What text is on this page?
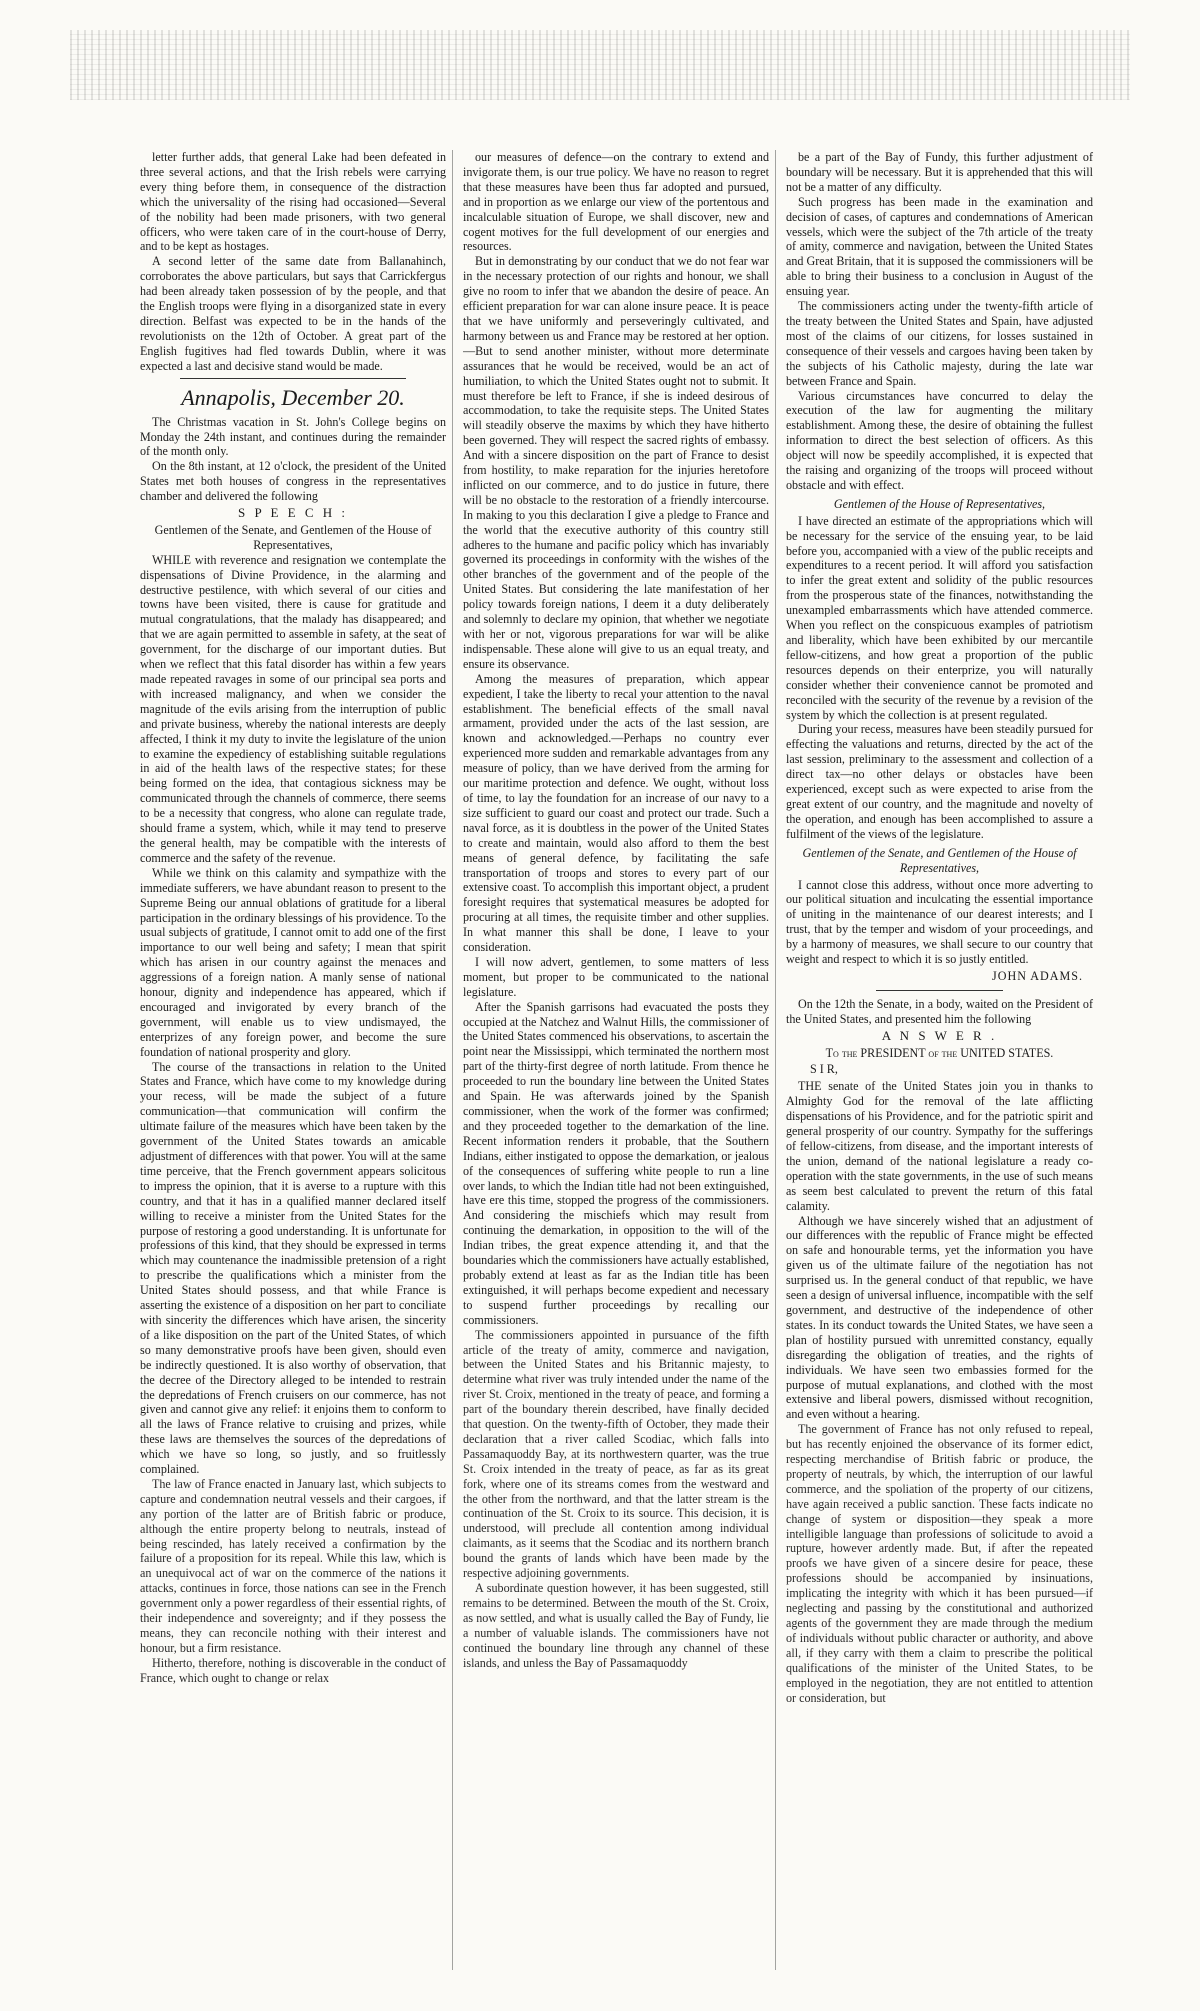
letter further adds, that general Lake had been defeated in three several actions, and that the Irish rebels were carrying every thing before them, in consequence of the distraction which the universality of the rising had occasioned—Several of the nobility had been made prisoners, with two general officers, who were taken care of in the court-house of Derry, and to be kept as hostages.

A second letter of the same date from Ballanahinch, corroborates the above particulars, but says that Carrickfergus had been already taken possession of by the people, and that the English troops were flying in a disorganized state in every direction. Belfast was expected to be in the hands of the revolutionists on the 12th of October. A great part of the English fugitives had fled towards Dublin, where it was expected a last and decisive stand would be made.

Annapolis, December 20.

The Christmas vacation in St. John's College begins on Monday the 24th instant, and continues during the remainder of the month only.

On the 8th instant, at 12 o'clock, the president of the United States met both houses of congress in the representatives chamber and delivered the following

S P E E C H :
Gentlemen of the Senate, and Gentlemen of the House of Representatives,

WHILE with reverence and resignation we contemplate the dispensations of Divine Providence, in the alarming and destructive pestilence, with which several of our cities and towns have been visited, there is cause for gratitude and mutual congratulations, that the malady has disappeared; and that we are again permitted to assemble in safety, at the seat of government, for the discharge of our important duties. But when we reflect that this fatal disorder has within a few years made repeated ravages in some of our principal sea ports and with increased malignancy, and when we consider the magnitude of the evils arising from the interruption of public and private business, whereby the national interests are deeply affected, I think it my duty to invite the legislature of the union to examine the expediency of establishing suitable regulations in aid of the health laws of the respective states; for these being formed on the idea, that contagious sickness may be communicated through the channels of commerce, there seems to be a necessity that congress, who alone can regulate trade, should frame a system, which, while it may tend to preserve the general health, may be compatible with the interests of commerce and the safety of the revenue.

While we think on this calamity and sympathize with the immediate sufferers, we have abundant reason to present to the Supreme Being our annual oblations of gratitude for a liberal participation in the ordinary blessings of his providence. To the usual subjects of gratitude, I cannot omit to add one of the first importance to our well being and safety; I mean that spirit which has arisen in our country against the menaces and aggressions of a foreign nation. A manly sense of national honour, dignity and independence has appeared, which if encouraged and invigorated by every branch of the government, will enable us to view undismayed, the enterprizes of any foreign power, and become the sure foundation of national prosperity and glory.

The course of the transactions in relation to the United States and France, which have come to my knowledge during your recess, will be made the subject of a future communication—that communication will confirm the ultimate failure of the measures which have been taken by the government of the United States towards an amicable adjustment of differences with that power. You will at the same time perceive, that the French government appears solicitous to impress the opinion, that it is averse to a rupture with this country, and that it has in a qualified manner declared itself willing to receive a minister from the United States for the purpose of restoring a good understanding. It is unfortunate for professions of this kind, that they should be expressed in terms which may countenance the inadmissible pretension of a right to prescribe the qualifications which a minister from the United States should possess, and that while France is asserting the existence of a disposition on her part to conciliate with sincerity the differences which have arisen, the sincerity of a like disposition on the part of the United States, of which so many demonstrative proofs have been given, should even be indirectly questioned. It is also worthy of observation, that the decree of the Directory alleged to be intended to restrain the depredations of French cruisers on our commerce, has not given and cannot give any relief: it enjoins them to conform to all the laws of France relative to cruising and prizes, while these laws are themselves the sources of the depredations of which we have so long, so justly, and so fruitlessly complained.

The law of France enacted in January last, which subjects to capture and condemnation neutral vessels and their cargoes, if any portion of the latter are of British fabric or produce, although the entire property belong to neutrals, instead of being rescinded, has lately received a confirmation by the failure of a proposition for its repeal. While this law, which is an unequivocal act of war on the commerce of the nations it attacks, continues in force, those nations can see in the French government only a power regardless of their essential rights, of their independence and sovereignty; and if they possess the means, they can reconcile nothing with their interest and honour, but a firm resistance.

Hitherto, therefore, nothing is discoverable in the conduct of France, which ought to change or relax

our measures of defence—on the contrary to extend and invigorate them, is our true policy. We have no reason to regret that these measures have been thus far adopted and pursued, and in proportion as we enlarge our view of the portentous and incalculable situation of Europe, we shall discover, new and cogent motives for the full development of our energies and resources.

But in demonstrating by our conduct that we do not fear war in the necessary protection of our rights and honour, we shall give no room to infer that we abandon the desire of peace. An efficient preparation for war can alone insure peace. It is peace that we have uniformly and perseveringly cultivated, and harmony between us and France may be restored at her option.—But to send another minister, without more determinate assurances that he would be received, would be an act of humiliation, to which the United States ought not to submit. It must therefore be left to France, if she is indeed desirous of accommodation, to take the requisite steps. The United States will steadily observe the maxims by which they have hitherto been governed. They will respect the sacred rights of embassy. And with a sincere disposition on the part of France to desist from hostility, to make reparation for the injuries heretofore inflicted on our commerce, and to do justice in future, there will be no obstacle to the restoration of a friendly intercourse. In making to you this declaration I give a pledge to France and the world that the executive authority of this country still adheres to the humane and pacific policy which has invariably governed its proceedings in conformity with the wishes of the other branches of the government and of the people of the United States. But considering the late manifestation of her policy towards foreign nations, I deem it a duty deliberately and solemnly to declare my opinion, that whether we negotiate with her or not, vigorous preparations for war will be alike indispensable. These alone will give to us an equal treaty, and ensure its observance.

Among the measures of preparation, which appear expedient, I take the liberty to recal your attention to the naval establishment. The beneficial effects of the small naval armament, provided under the acts of the last session, are known and acknowledged.—Perhaps no country ever experienced more sudden and remarkable advantages from any measure of policy, than we have derived from the arming for our maritime protection and defence. We ought, without loss of time, to lay the foundation for an increase of our navy to a size sufficient to guard our coast and protect our trade. Such a naval force, as it is doubtless in the power of the United States to create and maintain, would also afford to them the best means of general defence, by facilitating the safe transportation of troops and stores to every part of our extensive coast. To accomplish this important object, a prudent foresight requires that systematical measures be adopted for procuring at all times, the requisite timber and other supplies. In what manner this shall be done, I leave to your consideration.

I will now advert, gentlemen, to some matters of less moment, but proper to be communicated to the national legislature.

After the Spanish garrisons had evacuated the posts they occupied at the Natchez and Walnut Hills, the commissioner of the United States commenced his observations, to ascertain the point near the Mississippi, which terminated the northern most part of the thirty-first degree of north latitude. From thence he proceeded to run the boundary line between the United States and Spain. He was afterwards joined by the Spanish commissioner, when the work of the former was confirmed; and they proceeded together to the demarkation of the line. Recent information renders it probable, that the Southern Indians, either instigated to oppose the demarkation, or jealous of the consequences of suffering white people to run a line over lands, to which the Indian title had not been extinguished, have ere this time, stopped the progress of the commissioners. And considering the mischiefs which may result from continuing the demarkation, in opposition to the will of the Indian tribes, the great expence attending it, and that the boundaries which the commissioners have actually established, probably extend at least as far as the Indian title has been extinguished, it will perhaps become expedient and necessary to suspend further proceedings by recalling our commissioners.

The commissioners appointed in pursuance of the fifth article of the treaty of amity, commerce and navigation, between the United States and his Britannic majesty, to determine what river was truly intended under the name of the river St. Croix, mentioned in the treaty of peace, and forming a part of the boundary therein described, have finally decided that question. On the twenty-fifth of October, they made their declaration that a river called Scodiac, which falls into Passamaquoddy Bay, at its northwestern quarter, was the true St. Croix intended in the treaty of peace, as far as its great fork, where one of its streams comes from the westward and the other from the northward, and that the latter stream is the continuation of the St. Croix to its source. This decision, it is understood, will preclude all contention among individual claimants, as it seems that the Scodiac and its northern branch bound the grants of lands which have been made by the respective adjoining governments.

A subordinate question however, it has been suggested, still remains to be determined. Between the mouth of the St. Croix, as now settled, and what is usually called the Bay of Fundy, lie a number of valuable islands. The commissioners have not continued the boundary line through any channel of these islands, and unless the Bay of Passamaquoddy

be a part of the Bay of Fundy, this further adjustment of boundary will be necessary. But it is apprehended that this will not be a matter of any difficulty.

Such progress has been made in the examination and decision of cases, of captures and condemnations of American vessels, which were the subject of the 7th article of the treaty of amity, commerce and navigation, between the United States and Great Britain, that it is supposed the commissioners will be able to bring their business to a conclusion in August of the ensuing year.

The commissioners acting under the twenty-fifth article of the treaty between the United States and Spain, have adjusted most of the claims of our citizens, for losses sustained in consequence of their vessels and cargoes having been taken by the subjects of his Catholic majesty, during the late war between France and Spain.

Various circumstances have concurred to delay the execution of the law for augmenting the military establishment. Among these, the desire of obtaining the fullest information to direct the best selection of officers. As this object will now be speedily accomplished, it is expected that the raising and organizing of the troops will proceed without obstacle and with effect.

Gentlemen of the House of Representatives,

I have directed an estimate of the appropriations which will be necessary for the service of the ensuing year, to be laid before you, accompanied with a view of the public receipts and expenditures to a recent period. It will afford you satisfaction to infer the great extent and solidity of the public resources from the prosperous state of the finances, notwithstanding the unexampled embarrassments which have attended commerce. When you reflect on the conspicuous examples of patriotism and liberality, which have been exhibited by our mercantile fellow-citizens, and how great a proportion of the public resources depends on their enterprize, you will naturally consider whether their convenience cannot be promoted and reconciled with the security of the revenue by a revision of the system by which the collection is at present regulated.

During your recess, measures have been steadily pursued for effecting the valuations and returns, directed by the act of the last session, preliminary to the assessment and collection of a direct tax—no other delays or obstacles have been experienced, except such as were expected to arise from the great extent of our country, and the magnitude and novelty of the operation, and enough has been accomplished to assure a fulfilment of the views of the legislature.

Gentlemen of the Senate, and Gentlemen of the House of Representatives,

I cannot close this address, without once more adverting to our political situation and inculcating the essential importance of uniting in the maintenance of our dearest interests; and I trust, that by the temper and wisdom of your proceedings, and by a harmony of measures, we shall secure to our country that weight and respect to which it is so justly entitled.

JOHN ADAMS.

On the 12th the Senate, in a body, waited on the President of the United States, and presented him the following

A N S W E R .
To the PRESIDENT of the UNITED STATES.
S I R,

THE senate of the United States join you in thanks to Almighty God for the removal of the late afflicting dispensations of his Providence, and for the patriotic spirit and general prosperity of our country. Sympathy for the sufferings of fellow-citizens, from disease, and the important interests of the union, demand of the national legislature a ready co-operation with the state governments, in the use of such means as seem best calculated to prevent the return of this fatal calamity.

Although we have sincerely wished that an adjustment of our differences with the republic of France might be effected on safe and honourable terms, yet the information you have given us of the ultimate failure of the negotiation has not surprised us. In the general conduct of that republic, we have seen a design of universal influence, incompatible with the self government, and destructive of the independence of other states. In its conduct towards the United States, we have seen a plan of hostility pursued with unremitted constancy, equally disregarding the obligation of treaties, and the rights of individuals. We have seen two embassies formed for the purpose of mutual explanations, and clothed with the most extensive and liberal powers, dismissed without recognition, and even without a hearing.

The government of France has not only refused to repeal, but has recently enjoined the observance of its former edict, respecting merchandise of British fabric or produce, the property of neutrals, by which, the interruption of our lawful commerce, and the spoliation of the property of our citizens, have again received a public sanction. These facts indicate no change of system or disposition—they speak a more intelligible language than professions of solicitude to avoid a rupture, however ardently made. But, if after the repeated proofs we have given of a sincere desire for peace, these professions should be accompanied by insinuations, implicating the integrity with which it has been pursued—if neglecting and passing by the constitutional and authorized agents of the government they are made through the medium of individuals without public character or authority, and above all, if they carry with them a claim to prescribe the political qualifications of the minister of the United States, to be employed in the negotiation, they are not entitled to attention or consideration, but
